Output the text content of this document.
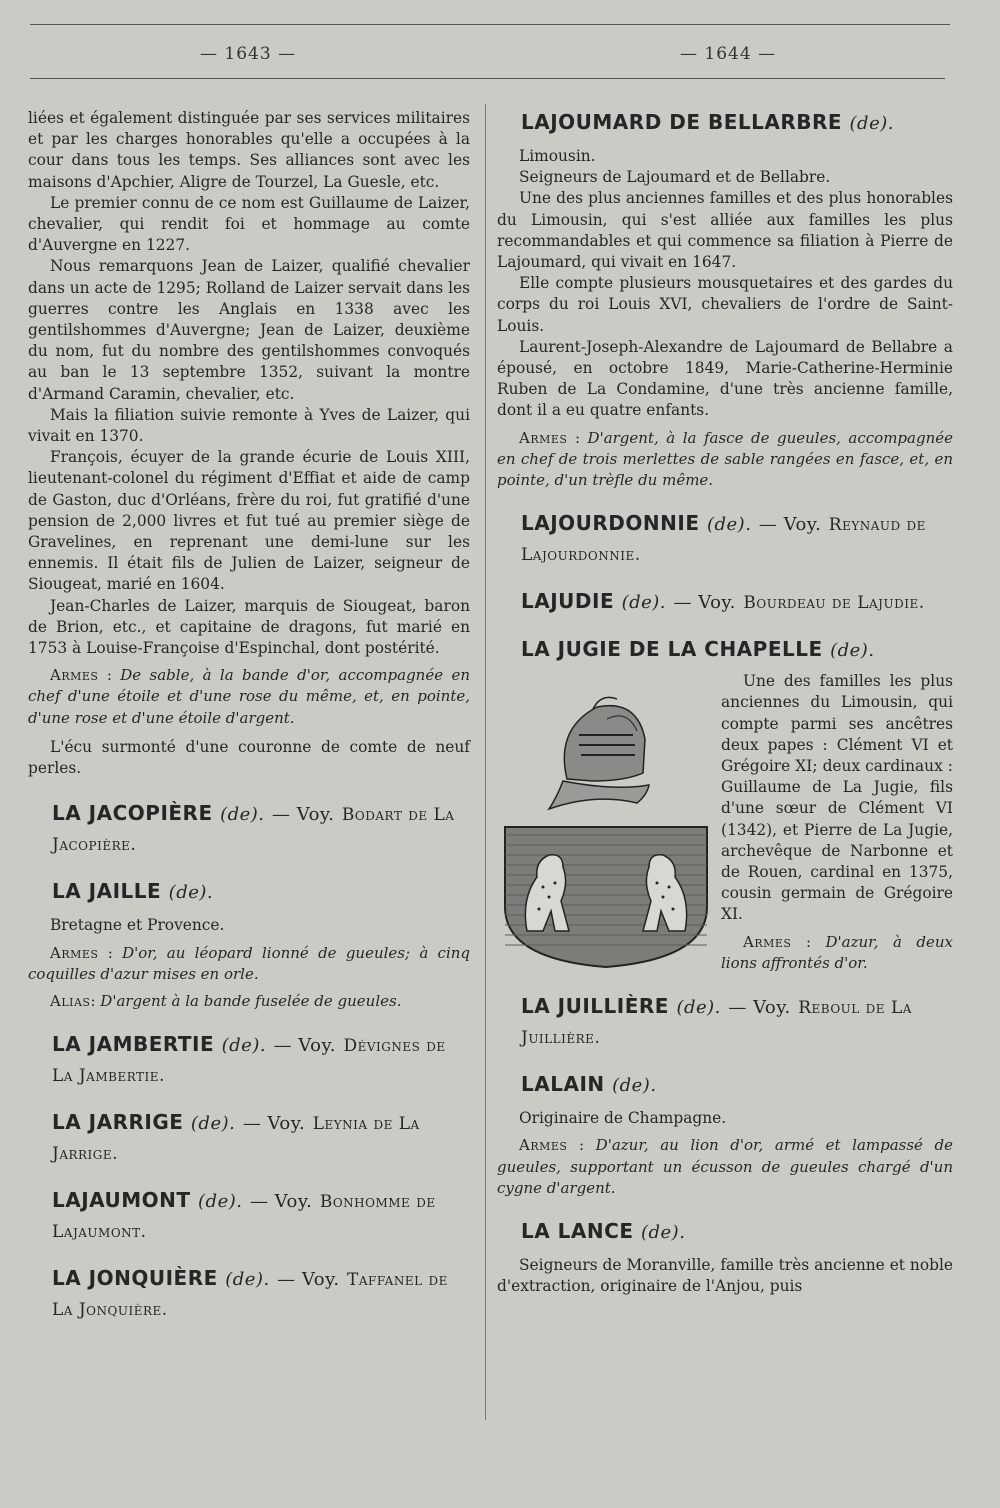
— 1643 —	— 1644 —

liées et également distinguée par ses services militaires et par les charges honorables qu'elle a occupées à la cour dans tous les temps. Ses alliances sont avec les maisons d'Apchier, Aligre de Tourzel, La Guesle, etc.

Le premier connu de ce nom est Guillaume de Laizer, chevalier, qui rendit foi et hommage au comte d'Auvergne en 1227.

Nous remarquons Jean de Laizer, qualifié chevalier dans un acte de 1295; Rolland de Laizer servait dans les guerres contre les Anglais en 1338 avec les gentilshommes d'Auvergne; Jean de Laizer, deuxième du nom, fut du nombre des gentilshommes convoqués au ban le 13 septembre 1352, suivant la montre d'Armand Caramin, chevalier, etc.

Mais la filiation suivie remonte à Yves de Laizer, qui vivait en 1370.

François, écuyer de la grande écurie de Louis XIII, lieutenant-colonel du régiment d'Effiat et aide de camp de Gaston, duc d'Orléans, frère du roi, fut gratifié d'une pension de 2,000 livres et fut tué au premier siège de Gravelines, en reprenant une demi-lune sur les ennemis. Il était fils de Julien de Laizer, seigneur de Siougeat, marié en 1604.

Jean-Charles de Laizer, marquis de Siougeat, baron de Brion, etc., et capitaine de dragons, fut marié en 1753 à Louise-Françoise d'Espinchal, dont postérité.

Armes : De sable, à la bande d'or, accompagnée en chef d'une étoile et d'une rose du même, et, en pointe, d'une rose et d'une étoile d'argent.

L'écu surmonté d'une couronne de comte de neuf perles.

LA JACOPIÈRE (de). — Voy. Bodart de La Jacopière.
LA JAILLE (de).

Bretagne et Provence.

Armes : D'or, au léopard lionné de gueules; à cinq coquilles d'azur mises en orle.

Alias: D'argent à la bande fuselée de gueules.

LA JAMBERTIE (de). — Voy. Dévignes de La Jambertie.
LA JARRIGE (de). — Voy. Leynia de La Jarrige.
LAJAUMONT (de). — Voy. Bonhomme de Lajaumont.
LA JONQUIÈRE (de). — Voy. Taffanel de La Jonquière.
LAJOUMARD DE BELLARBRE (de).

Limousin.

Seigneurs de Lajoumard et de Bellabre.

Une des plus anciennes familles et des plus honorables du Limousin, qui s'est alliée aux familles les plus recommandables et qui commence sa filiation à Pierre de Lajoumard, qui vivait en 1647.

Elle compte plusieurs mousquetaires et des gardes du corps du roi Louis XVI, chevaliers de l'ordre de Saint-Louis.

Laurent-Joseph-Alexandre de Lajoumard de Bellabre a épousé, en octobre 1849, Marie-Catherine-Herminie Ruben de La Condamine, d'une très ancienne famille, dont il a eu quatre enfants.

Armes : D'argent, à la fasce de gueules, accompagnée en chef de trois merlettes de sable rangées en fasce, et, en pointe, d'un trèfle du même.

LAJOURDONNIE (de). — Voy. Reynaud de Lajourdonnie.
LAJUDIE (de). — Voy. Bourdeau de Lajudie.
LA JUGIE DE LA CHAPELLE (de).

Une des familles les plus anciennes du Limousin, qui compte parmi ses ancêtres deux papes : Clément VI et Grégoire XI; deux cardinaux : Guillaume de La Jugie, fils d'une sœur de Clément VI (1342), et Pierre de La Jugie, archevêque de Narbonne et de Rouen, cardinal en 1375, cousin germain de Grégoire XI.

Armes : D'azur, à deux lions affrontés d'or.

LA JUILLIÈRE (de). — Voy. Reboul de La Juillière.
LALAIN (de).

Originaire de Champagne.

Armes : D'azur, au lion d'or, armé et lampassé de gueules, supportant un écusson de gueules chargé d'un cygne d'argent.

LA LANCE (de).

Seigneurs de Moranville, famille très ancienne et noble d'extraction, originaire de l'Anjou, puis
